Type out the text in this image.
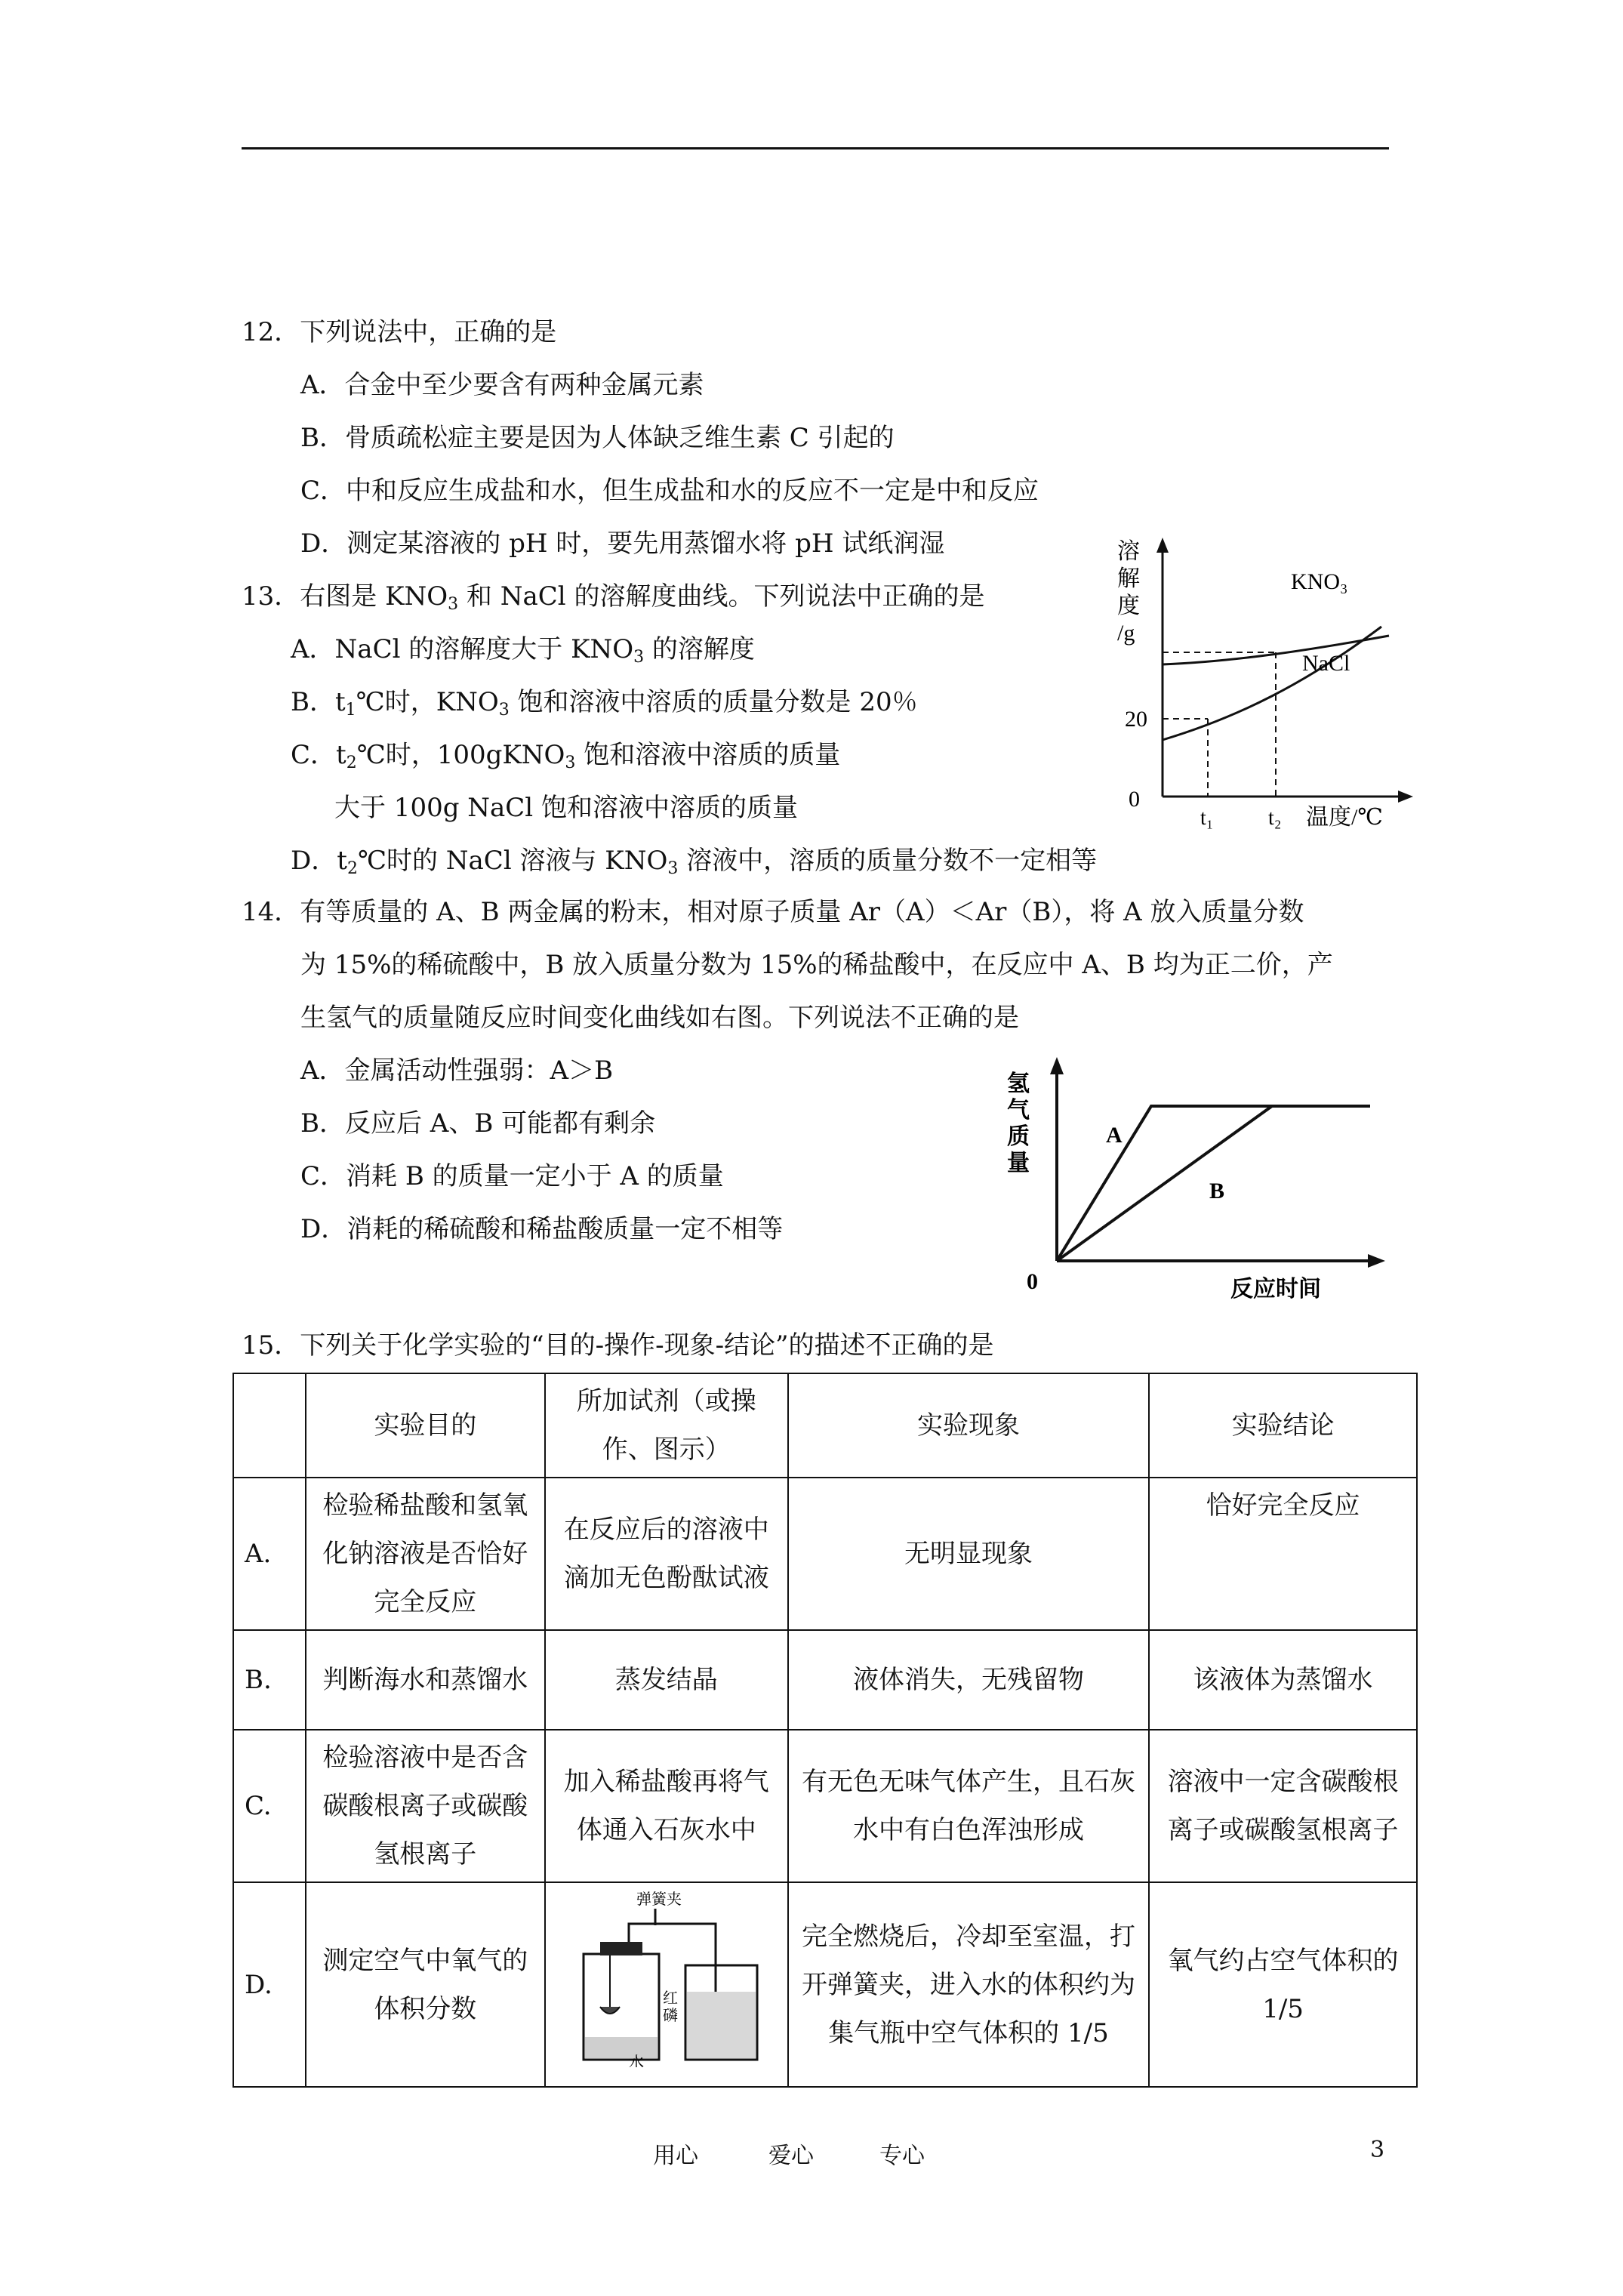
12．下列说法中，正确的是
A．合金中至少要含有两种金属元素
B．骨质疏松症主要是因为人体缺乏维生素 C 引起的
C．中和反应生成盐和水，但生成盐和水的反应不一定是中和反应
D．测定某溶液的 pH 时，要先用蒸馏水将 pH 试纸润湿
13．右图是 $KNO_3$ 和 NaCl 的溶解度曲线。下列说法中正确的是
A．NaCl 的溶解度大于 $KNO_3$ 的溶解度
B．$t_1℃$时，$KNO_3$ 饱和溶液中溶质的质量分数是 20％
C．$t_2℃$时，100gKNO$_3$ 饱和溶液中溶质的质量
大于 100g NaCl 饱和溶液中溶质的质量
D．$t_2℃$时的 NaCl 溶液与 $KNO_3$ 溶液中，溶质的质量分数不一定相等
溶
解
度
/g
20
0
t₁	t₂ 温度/℃
KNO₃
NaCl
14．有等质量的 A、B 两金属的粉末，相对原子质量 Ar（A）＜Ar（B），将 A 放入质量分数
为 15%的稀硫酸中，B 放入质量分数为 15%的稀盐酸中，在反应中 A、B 均为正二价，产
生氢气的质量随反应时间变化曲线如右图。下列说法不正确的是
A．金属活动性强弱：A＞B
B．反应后 A、B 可能都有剩余
C．消耗 B 的质量一定小于 A 的质量
D．消耗的稀硫酸和稀盐酸质量一定不相等
氢
气
质
量
0	反应时间
A
B
15．下列关于化学实验的“目的-操作-现象-结论”的描述不正确的是
	实验目的	所加试剂（或操作、图示）	实验现象	实验结论
A.	检验稀盐酸和氢氧化钠溶液是否恰好完全反应	在反应后的溶液中滴加无色酚酞试液	无明显现象	恰好完全反应
B.	判断海水和蒸馏水	蒸发结晶	液体消失，无残留物	该液体为蒸馏水
C.	检验溶液中是否含碳酸根离子或碳酸氢根离子	加入稀盐酸再将气体通入石灰水中	有无色无味气体产生，且石灰水中有白色浑浊形成	溶液中一定含碳酸根离子或碳酸氢根离子
D.	测定空气中氧气的体积分数	弹簧夹
红
磷
水	完全燃烧后，冷却至室温，打开弹簧夹，进入水的体积约为集气瓶中空气体积的 1/5	氧气约占空气体积的 1/5
用心	爱心	专心	3
